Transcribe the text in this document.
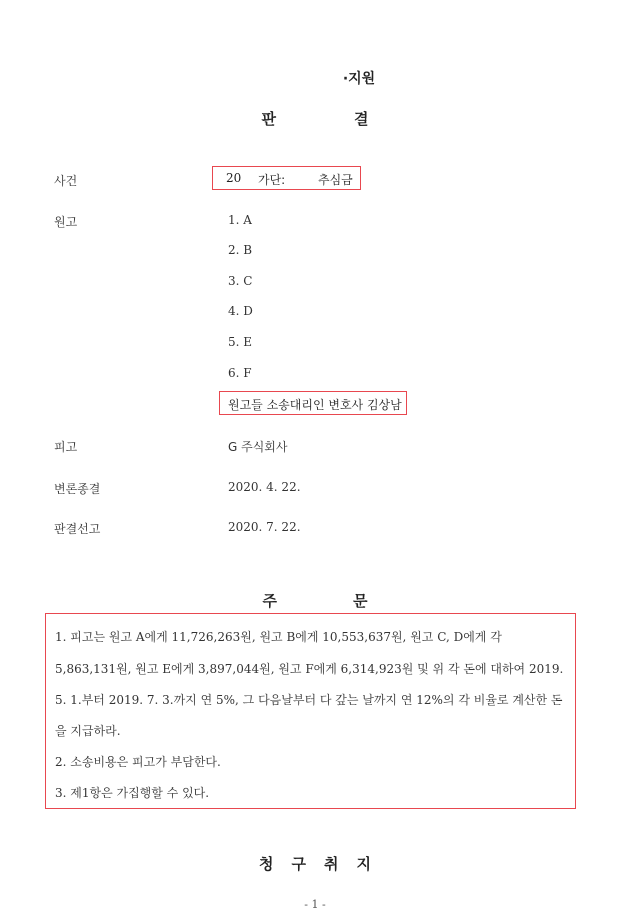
·지원
판	결
사건	20 가단:	추심금
원고	1. A
2. B
3. C
4. D
5. E
6. F
원고들 소송대리인 변호사 김상남
피고	G 주식회사
변론종결	2020. 4. 22.
판결선고	2020. 7. 22.
주	문
1. 피고는 원고 A에게 11,726,263원, 원고 B에게 10,553,637원, 원고 C, D에게 각
5,863,131원, 원고 E에게 3,897,044원, 원고 F에게 6,314,923원 및 위 각 돈에 대하여 2019.
5. 1.부터 2019. 7. 3.까지 연 5%, 그 다음날부터 다 갚는 날까지 연 12%의 각 비율로 계산한 돈
을 지급하라.
2. 소송비용은 피고가 부담한다.
3. 제1항은 가집행할 수 있다.
청 구 취 지
- 1 -
